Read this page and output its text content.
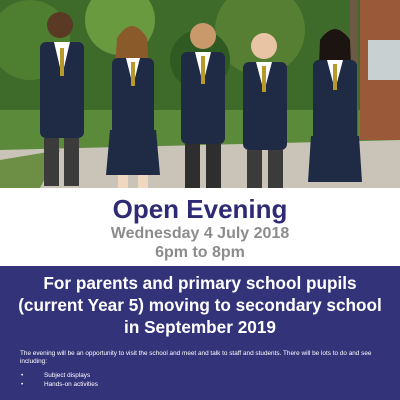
Open Evening

Wednesday 4 July 2018

6pm to 8pm

For parents and primary school pupils (current Year 5) moving to secondary school in September 2019

The evening will be an opportunity to visit the school and meet and talk to staff and students. There will be lots to do and see including:

•	Subject displays
•	Hands-on activities
